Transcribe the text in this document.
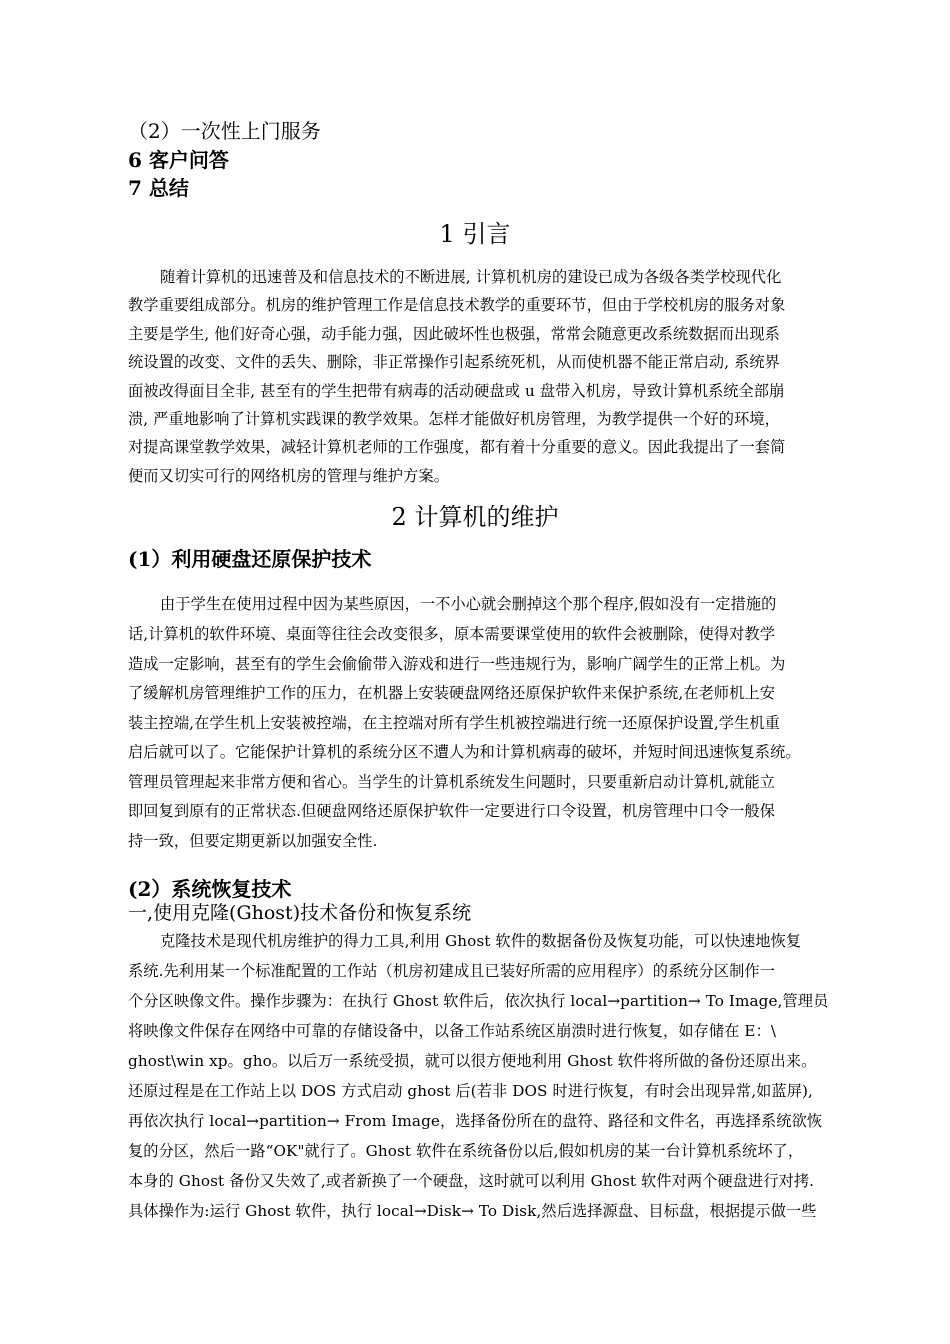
（2）一次性上门服务
6 客户问答
7 总结
1 引言
随着计算机的迅速普及和信息技术的不断进展, 计算机机房的建设已成为各级各类学校现代化
教学重要组成部分。机房的维护管理工作是信息技术教学的重要环节，但由于学校机房的服务对象
主要是学生, 他们好奇心强，动手能力强，因此破坏性也极强，常常会随意更改系统数据而出现系
统设置的改变、文件的丢失、删除，非正常操作引起系统死机，从而使机器不能正常启动, 系统界
面被改得面目全非, 甚至有的学生把带有病毒的活动硬盘或 u 盘带入机房，导致计算机系统全部崩
溃, 严重地影响了计算机实践课的教学效果。怎样才能做好机房管理，为教学提供一个好的环境，
对提高课堂教学效果，减轻计算机老师的工作强度，都有着十分重要的意义。因此我提出了一套简
便而又切实可行的网络机房的管理与维护方案。
2 计算机的维护
(1）利用硬盘还原保护技术
由于学生在使用过程中因为某些原因，一不小心就会删掉这个那个程序,假如没有一定措施的
话,计算机的软件环境、桌面等往往会改变很多，原本需要课堂使用的软件会被删除，使得对教学
造成一定影响，甚至有的学生会偷偷带入游戏和进行一些违规行为，影响广阔学生的正常上机。为
了缓解机房管理维护工作的压力，在机器上安装硬盘网络还原保护软件来保护系统,在老师机上安
装主控端,在学生机上安装被控端，在主控端对所有学生机被控端进行统一还原保护设置,学生机重
启后就可以了。它能保护计算机的系统分区不遭人为和计算机病毒的破坏，并短时间迅速恢复系统。
管理员管理起来非常方便和省心。当学生的计算机系统发生问题时，只要重新启动计算机,就能立
即回复到原有的正常状态.但硬盘网络还原保护软件一定要进行口令设置，机房管理中口令一般保
持一致，但要定期更新以加强安全性.
(2）系统恢复技术
一,使用克隆(Ghost)技术备份和恢复系统
克隆技术是现代机房维护的得力工具,利用 Ghost 软件的数据备份及恢复功能，可以快速地恢复
系统.先利用某一个标准配置的工作站（机房初建成且已装好所需的应用程序）的系统分区制作一
个分区映像文件。操作步骤为：在执行 Ghost 软件后，依次执行 local→partition→ To Image,管理员
将映像文件保存在网络中可靠的存储设备中，以备工作站系统区崩溃时进行恢复，如存储在 E：\
ghost\win xp。gho。以后万一系统受损，就可以很方便地利用 Ghost 软件将所做的备份还原出来。
还原过程是在工作站上以 DOS 方式启动 ghost 后(若非 DOS 时进行恢复，有时会出现异常,如蓝屏),
再依次执行 local→partition→ From Image，选择备份所在的盘符、路径和文件名，再选择系统欲恢
复的分区，然后一路“OK"就行了。Ghost 软件在系统备份以后,假如机房的某一台计算机系统坏了，
本身的 Ghost 备份又失效了,或者新换了一个硬盘，这时就可以利用 Ghost 软件对两个硬盘进行对拷.
具体操作为:运行 Ghost 软件，执行 local→Disk→ To Disk,然后选择源盘、目标盘，根据提示做一些
